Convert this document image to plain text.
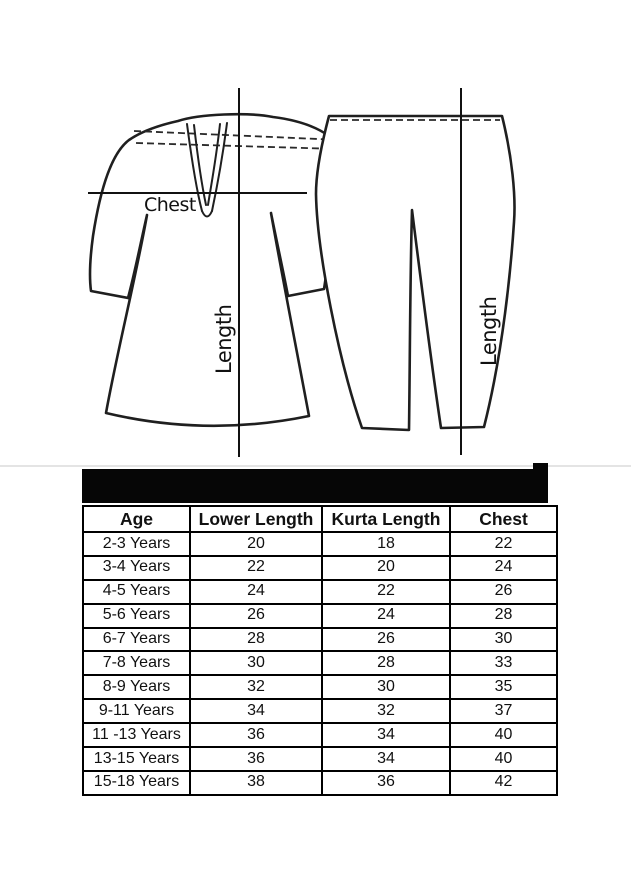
Chest
Length	Length
Age	Lower Length	Kurta Length	Chest
2-3 Years	20	18	22
3-4 Years	22	20	24
4-5 Years	24	22	26
5-6 Years	26	24	28
6-7 Years	28	26	30
7-8 Years	30	28	33
8-9 Years	32	30	35
9-11 Years	34	32	37
11 -13 Years	36	34	40
13-15 Years	36	34	40
15-18 Years	38	36	42
